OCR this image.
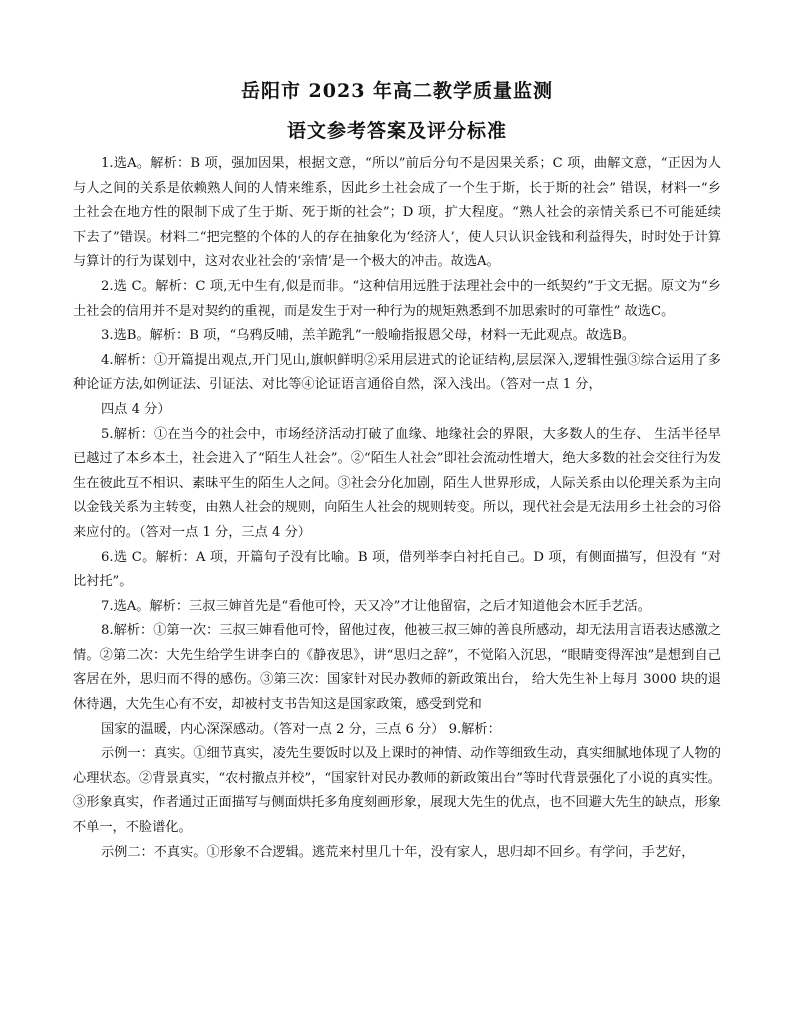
岳阳市 2023 年高二教学质量监测
语文参考答案及评分标准

1.选A。解析：B 项，强加因果，根据文意，“所以”前后分句不是因果关系；C 项，曲解文意，“正因为人与人之间的关系是依赖熟人间的人情来维系，因此乡土社会成了一个生于斯，长于斯的社会” 错误，材料一“乡土社会在地方性的限制下成了生于斯、死于斯的社会”；D 项，扩大程度。“熟人社会的亲情关系已不可能延续下去了”错误。材料二“把完整的个体的人的存在抽象化为‘经济人’，使人只认识金钱和利益得失，时时处于计算与算计的行为谋划中，这对农业社会的‘亲情’是一个极大的冲击。故选A。

2.选 C。解析：C 项,无中生有,似是而非。“这种信用远胜于法理社会中的一纸契约”于文无据。原文为“乡土社会的信用并不是对契约的重视，而是发生于对一种行为的规矩熟悉到不加思索时的可靠性” 故选C。

3.选B。解析：B 项，“乌鸦反哺，羔羊跪乳”一般喻指报恩父母，材料一无此观点。故选B。

4.解析：①开篇提出观点,开门见山,旗帜鲜明②采用层进式的论证结构,层层深入,逻辑性强③综合运用了多种论证方法,如例证法、引证法、对比等④论证语言通俗自然，深入浅出。（答对一点 1 分，

四点 4 分）

5.解析：①在当今的社会中，市场经济活动打破了血缘、地缘社会的界限，大多数人的生存、 生活半径早已越过了本乡本土，社会进入了“陌生人社会”。②“陌生人社会”即社会流动性增大，绝大多数的社会交往行为发生在彼此互不相识、素昧平生的陌生人之间。③社会分化加剧，陌生人世界形成，人际关系由以伦理关系为主向以金钱关系为主转变，由熟人社会的规则，向陌生人社会的规则转变。所以，现代社会是无法用乡土社会的习俗来应付的。（答对一点 1 分，三点 4 分）

6.选 C。解析：A 项，开篇句子没有比喻。B 项，借列举李白衬托自己。D 项，有侧面描写，但没有 “对比衬托”。

7.选A。解析：三叔三婶首先是“看他可怜，天又冷”才让他留宿，之后才知道他会木匠手艺活。

8.解析：①第一次：三叔三婶看他可怜，留他过夜，他被三叔三婶的善良所感动，却无法用言语表达感激之情。②第二次：大先生给学生讲李白的《静夜思》，讲“思归之辞”，不觉陷入沉思，“眼睛变得浑浊”是想到自己客居在外，思归而不得的感伤。③第三次：国家针对民办教师的新政策出台， 给大先生补上每月 3000 块的退休待遇，大先生心有不安，却被村支书告知这是国家政策，感受到党和

国家的温暖，内心深深感动。（答对一点 2 分，三点 6 分） 9.解析：

示例一：真实。①细节真实，凌先生要饭时以及上课时的神情、动作等细致生动，真实细腻地体现了人物的心理状态。②背景真实，“农村撤点并校”，“国家针对民办教师的新政策出台”等时代背景强化了小说的真实性。③形象真实，作者通过正面描写与侧面烘托多角度刻画形象，展现大先生的优点，也不回避大先生的缺点，形象不单一，不脸谱化。

示例二：不真实。①形象不合逻辑。逃荒来村里几十年，没有家人，思归却不回乡。有学问，手艺好，
